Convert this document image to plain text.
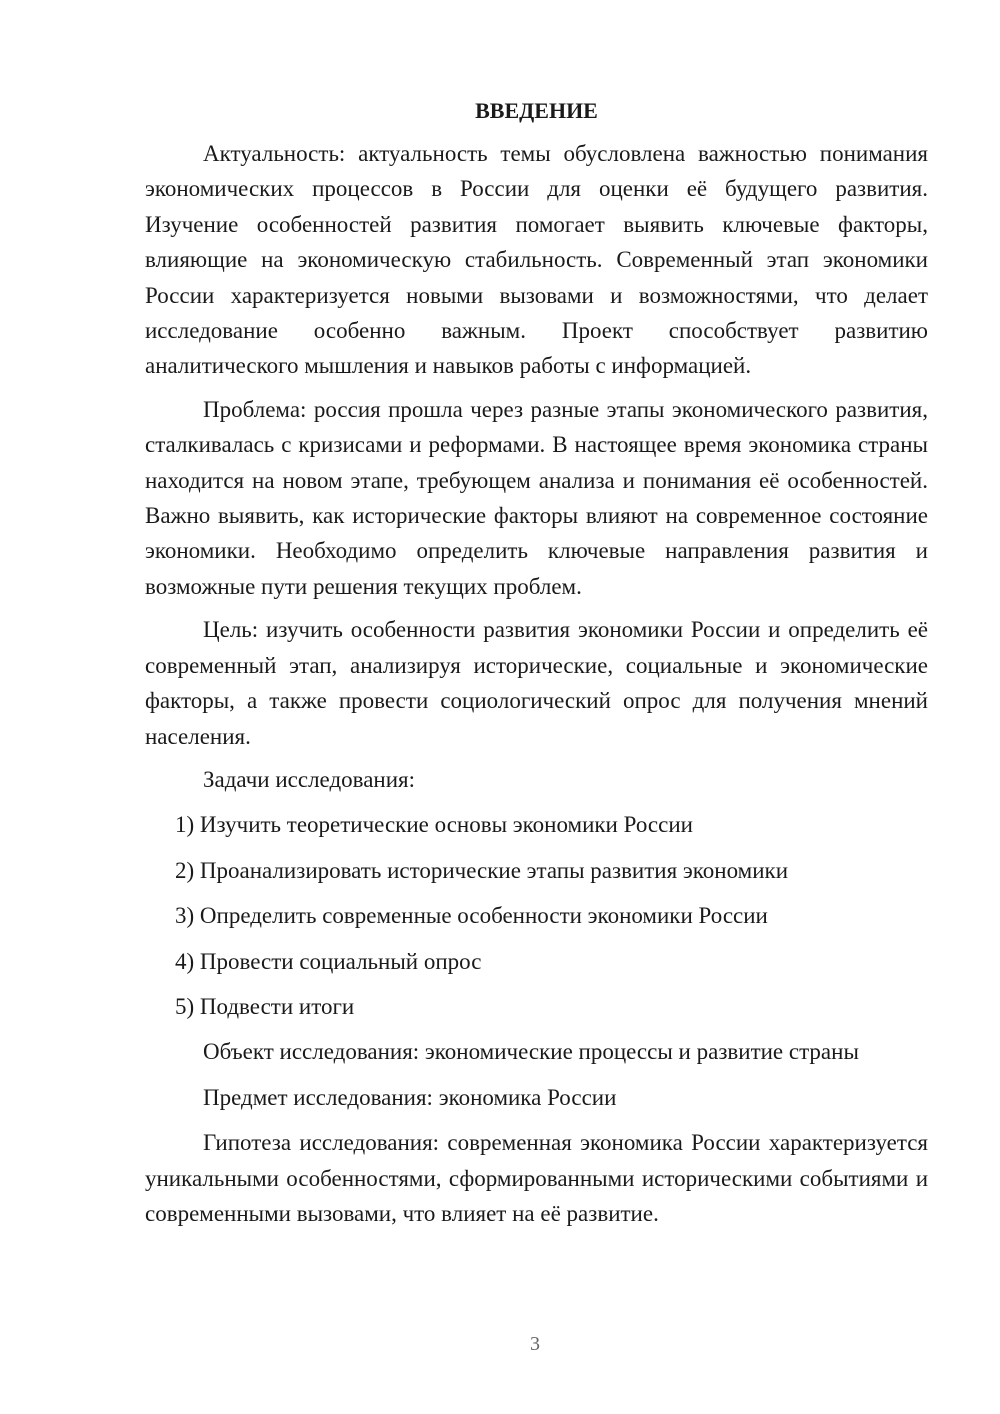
ВВЕДЕНИЕ

Актуальность: актуальность темы обусловлена важностью понимания экономических процессов в России для оценки её будущего развития. Изучение особенностей развития помогает выявить ключевые факторы, влияющие на экономическую стабильность. Современный этап экономики России характеризуется новыми вызовами и возможностями, что делает исследование особенно важным. Проект способствует развитию аналитического мышления и навыков работы с информацией.

Проблема: россия прошла через разные этапы экономического развития, сталкивалась с кризисами и реформами. В настоящее время экономика страны находится на новом этапе, требующем анализа и понимания её особенностей. Важно выявить, как исторические факторы влияют на современное состояние экономики. Необходимо определить ключевые направления развития и возможные пути решения текущих проблем.

Цель: изучить особенности развития экономики России и определить её современный этап, анализируя исторические, социальные и экономические факторы, а также провести социологический опрос для получения мнений населения.

Задачи исследования:
1) Изучить теоретические основы экономики России
2) Проанализировать исторические этапы развития экономики
3) Определить современные особенности экономики России
4) Провести социальный опрос
5) Подвести итоги
Объект исследования: экономические процессы и развитие страны
Предмет исследования: экономика России

Гипотеза исследования: современная экономика России характеризуется уникальными особенностями, сформированными историческими событиями и современными вызовами, что влияет на её развитие.

3
